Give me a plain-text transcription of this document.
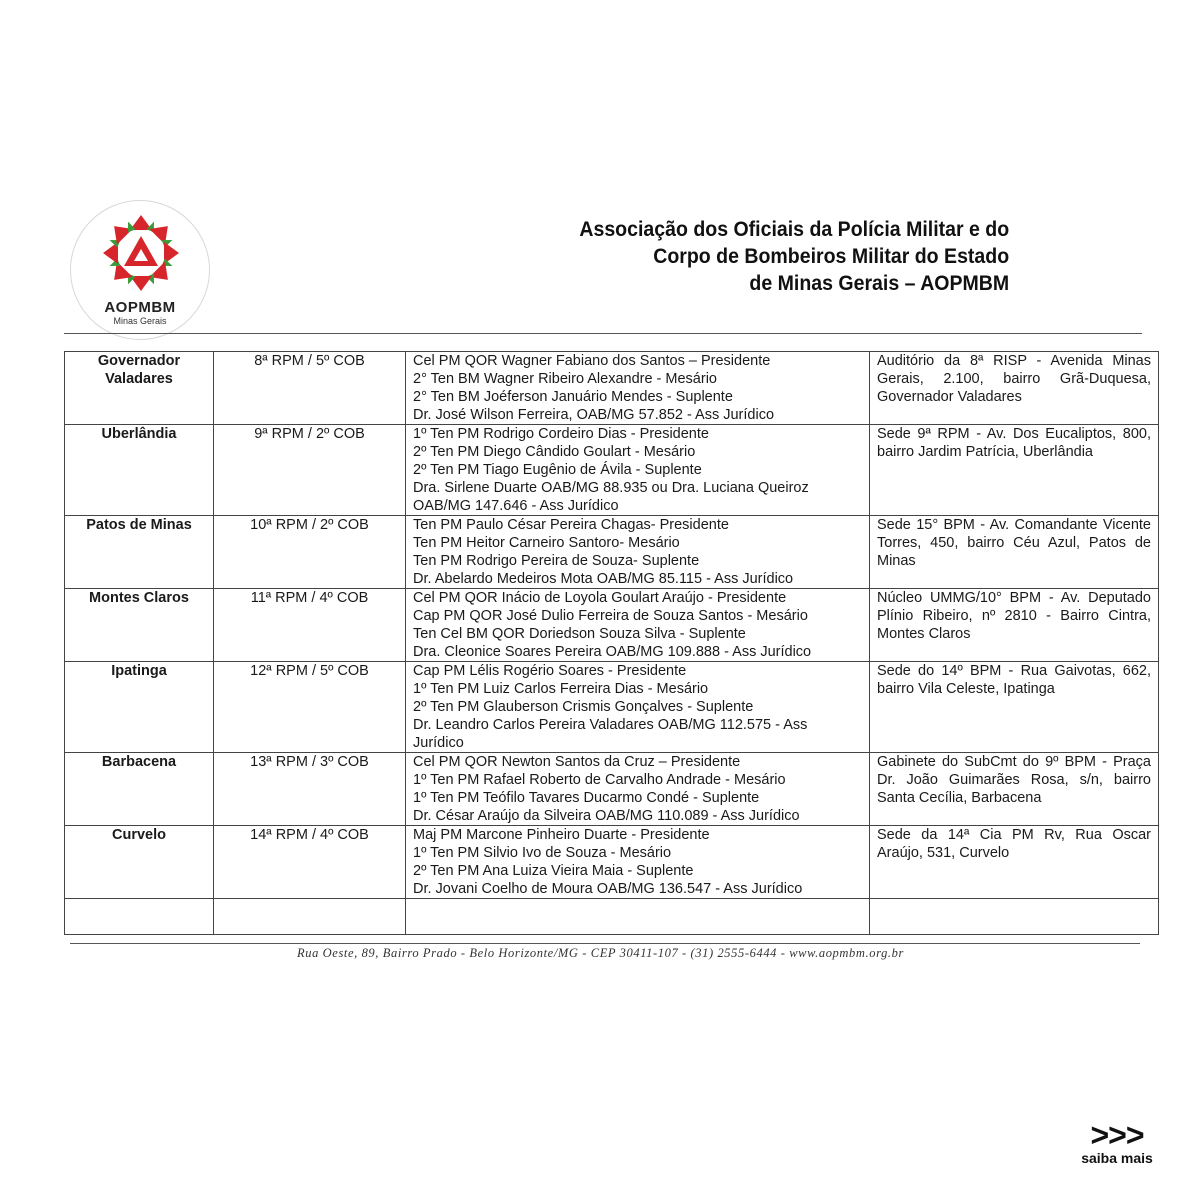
AOPMBM
Minas Gerais
Associação dos Oficiais da Polícia Militar e do
Corpo de Bombeiros Militar do Estado
de Minas Gerais – AOPMBM
Governador Valadares	8ª RPM / 5º COB	Cel PM QOR Wagner Fabiano dos Santos – Presidente
2° Ten BM Wagner Ribeiro Alexandre - Mesário
2° Ten BM Joéferson Januário Mendes - Suplente
Dr. José Wilson Ferreira, OAB/MG 57.852 - Ass Jurídico	Auditório da 8ª RISP - Avenida Minas Gerais, 2.100, bairro Grã-Duquesa, Governador Valadares
Uberlândia	9ª RPM / 2º COB	1º Ten PM Rodrigo Cordeiro Dias - Presidente
2º Ten PM Diego Cândido Goulart - Mesário
2º Ten PM Tiago Eugênio de Ávila - Suplente
Dra. Sirlene Duarte OAB/MG 88.935 ou Dra. Luciana Queiroz OAB/MG 147.646 - Ass Jurídico	Sede 9ª RPM - Av. Dos Eucaliptos, 800, bairro Jardim Patrícia, Uberlândia
Patos de Minas	10ª RPM / 2º COB	Ten PM Paulo César Pereira Chagas- Presidente
Ten PM Heitor Carneiro Santoro- Mesário
Ten PM Rodrigo Pereira de Souza- Suplente
Dr. Abelardo Medeiros Mota OAB/MG 85.115 - Ass Jurídico	Sede 15° BPM - Av. Comandante Vicente Torres, 450, bairro Céu Azul, Patos de Minas
Montes Claros	11ª RPM / 4º COB	Cel PM QOR Inácio de Loyola Goulart Araújo - Presidente
Cap PM QOR José Dulio Ferreira de Souza Santos - Mesário
Ten Cel BM QOR Doriedson Souza Silva - Suplente
Dra. Cleonice Soares Pereira OAB/MG 109.888 - Ass Jurídico	Núcleo UMMG/10° BPM - Av. Deputado Plínio Ribeiro, nº 2810 - Bairro Cintra, Montes Claros
Ipatinga	12ª RPM / 5º COB	Cap PM Lélis Rogério Soares - Presidente
1º Ten PM Luiz Carlos Ferreira Dias - Mesário
2º Ten PM Glauberson Crismis Gonçalves - Suplente
Dr. Leandro Carlos Pereira Valadares OAB/MG 112.575 - Ass Jurídico	Sede do 14º BPM - Rua Gaivotas, 662, bairro Vila Celeste, Ipatinga
Barbacena	13ª RPM / 3º COB	Cel PM QOR Newton Santos da Cruz – Presidente
1º Ten PM Rafael Roberto de Carvalho Andrade - Mesário
1º Ten PM Teófilo Tavares Ducarmo Condé - Suplente
Dr. César Araújo da Silveira OAB/MG 110.089 - Ass Jurídico	Gabinete do SubCmt do 9º BPM - Praça Dr. João Guimarães Rosa, s/n, bairro Santa Cecília, Barbacena
Curvelo	14ª RPM / 4º COB	Maj PM Marcone Pinheiro Duarte - Presidente
1º Ten PM Silvio Ivo de Souza - Mesário
2º Ten PM Ana Luiza Vieira Maia - Suplente
Dr. Jovani Coelho de Moura OAB/MG 136.547 - Ass Jurídico	Sede da 14ª Cia PM Rv, Rua Oscar Araújo, 531, Curvelo

Rua Oeste, 89, Bairro Prado - Belo Horizonte/MG - CEP 30411-107 - (31) 2555-6444 - www.aopmbm.org.br
>>>
saiba mais
